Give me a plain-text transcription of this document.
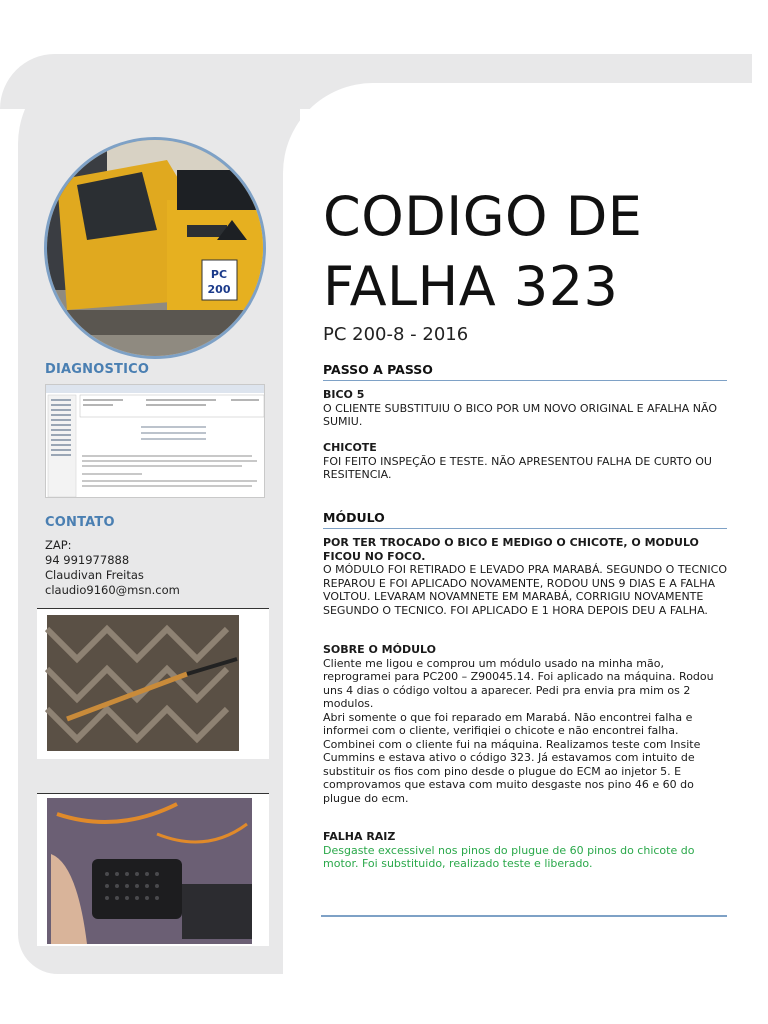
PC
200
DIAGNOSTICO
CONTATO
ZAP:
94 991977888
Claudivan Freitas
claudio9160@msn.com
CODIGO DE
FALHA 323
PC 200-8 - 2016
PASSO A PASSO
BICO 5
O CLIENTE SUBSTITUIU O BICO POR UM NOVO ORIGINAL E AFALHA NÃO SUMIU.
CHICOTE
FOI FEITO INSPEÇÃO E TESTE. NÃO APRESENTOU FALHA DE CURTO OU RESITENCIA.
MÓDULO
POR TER TROCADO O BICO E MEDIGO O CHICOTE, O MODULO FICOU NO FOCO.
O MÓDULO FOI RETIRADO E LEVADO PRA MARABÁ. SEGUNDO O TECNICO REPAROU E FOI APLICADO NOVAMENTE, RODOU UNS 9 DIAS E A FALHA VOLTOU. LEVARAM NOVAMNETE EM MARABÁ, CORRIGIU NOVAMENTE SEGUNDO O TECNICO. FOI APLICADO E 1 HORA DEPOIS DEU A FALHA.
SOBRE O MÓDULO
Cliente me ligou e comprou um módulo usado na minha mão, reprogramei para PC200 – Z90045.14. Foi aplicado na máquina. Rodou uns 4 dias o código voltou a aparecer. Pedi pra envia pra mim os 2 modulos.
Abri somente o que foi reparado em Marabá. Não encontrei falha e informei com o cliente, verifiqiei o chicote e não encontrei falha. Combinei com o cliente fui na máquina. Realizamos teste com Insite Cummins e estava ativo o código 323. Já estavamos com intuito de substituir os fios com pino desde o plugue do ECM ao injetor 5. E comprovamos que estava com muito desgaste nos pino 46 e 60 do plugue do ecm.
FALHA RAIZ
Desgaste excessivel nos pinos do plugue de 60 pinos do chicote do motor. Foi substituido, realizado teste e liberado.
